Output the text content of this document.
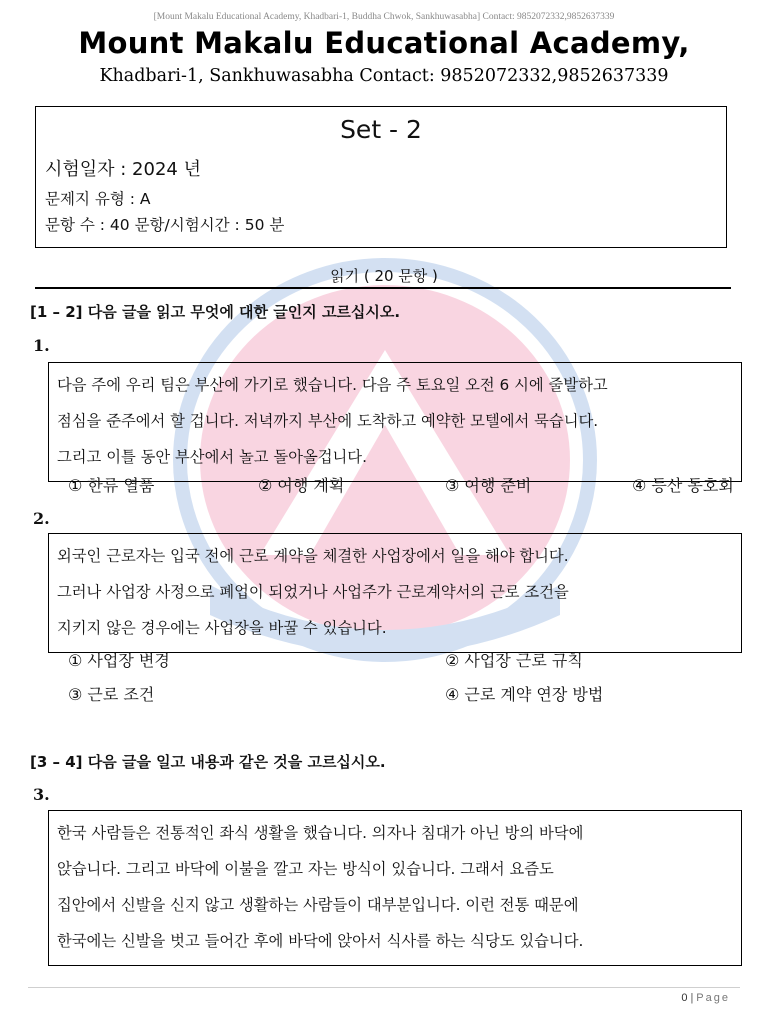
[Mount Makalu Educational Academy, Khadbari-1, Buddha Chwok, Sankhuwasabha] Contact: 9852072332,9852637339
Mount Makalu Educational Academy,
Khadbari-1, Sankhuwasabha Contact: 9852072332,9852637339
Set - 2
시험일자 : 2024 년
문제지 유형 : A
문항 수 : 40 문항/시험시간 : 50 분
읽기 ( 20 문항 )
[1 – 2] 다음 글을 읽고 무엇에 대한 글인지 고르십시오.
1.
다음 주에 우리 팀은 부산에 가기로 했습니다. 다음 주 토요일 오전 6 시에 줄발하고
점심을 준주에서 할 겁니다. 저녁까지 부산에 도착하고 예약한 모텔에서 묵습니다.
그리고 이틀 동안 부산에서 놀고 돌아올겁니다.
① 한류 열품	② 여행 계획	③ 여행 준비	④ 등산 동호회
2.
외국인 근로자는 입국 전에 근로 계약을 체결한 사업장에서 일을 해야 합니다.
그러나 사업장 사정으로 폐업이 되었거나 사업주가 근로계약서의 근로 조건을
지키지 않은 경우에는 사업장을 바꿀 수 있습니다.
① 사업장 변경	② 사업장 근로 규칙
③ 근로 조건	④ 근로 계약 연장 방법
[3 – 4] 다음 글을 일고 내용과 같은 것을 고르십시오.
3.
한국 사람들은 전통적인 좌식 생활을 했습니다. 의자나 침대가 아닌 방의 바닥에
앉습니다. 그리고 바닥에 이불을 깔고 자는 방식이 있습니다. 그래서 요즘도
집안에서 신발을 신지 않고 생활하는 사람들이 대부분입니다. 이런 전통 때문에
한국에는 신발을 벗고 들어간 후에 바닥에 앉아서 식사를 하는 식당도 있습니다.
0 | Page
